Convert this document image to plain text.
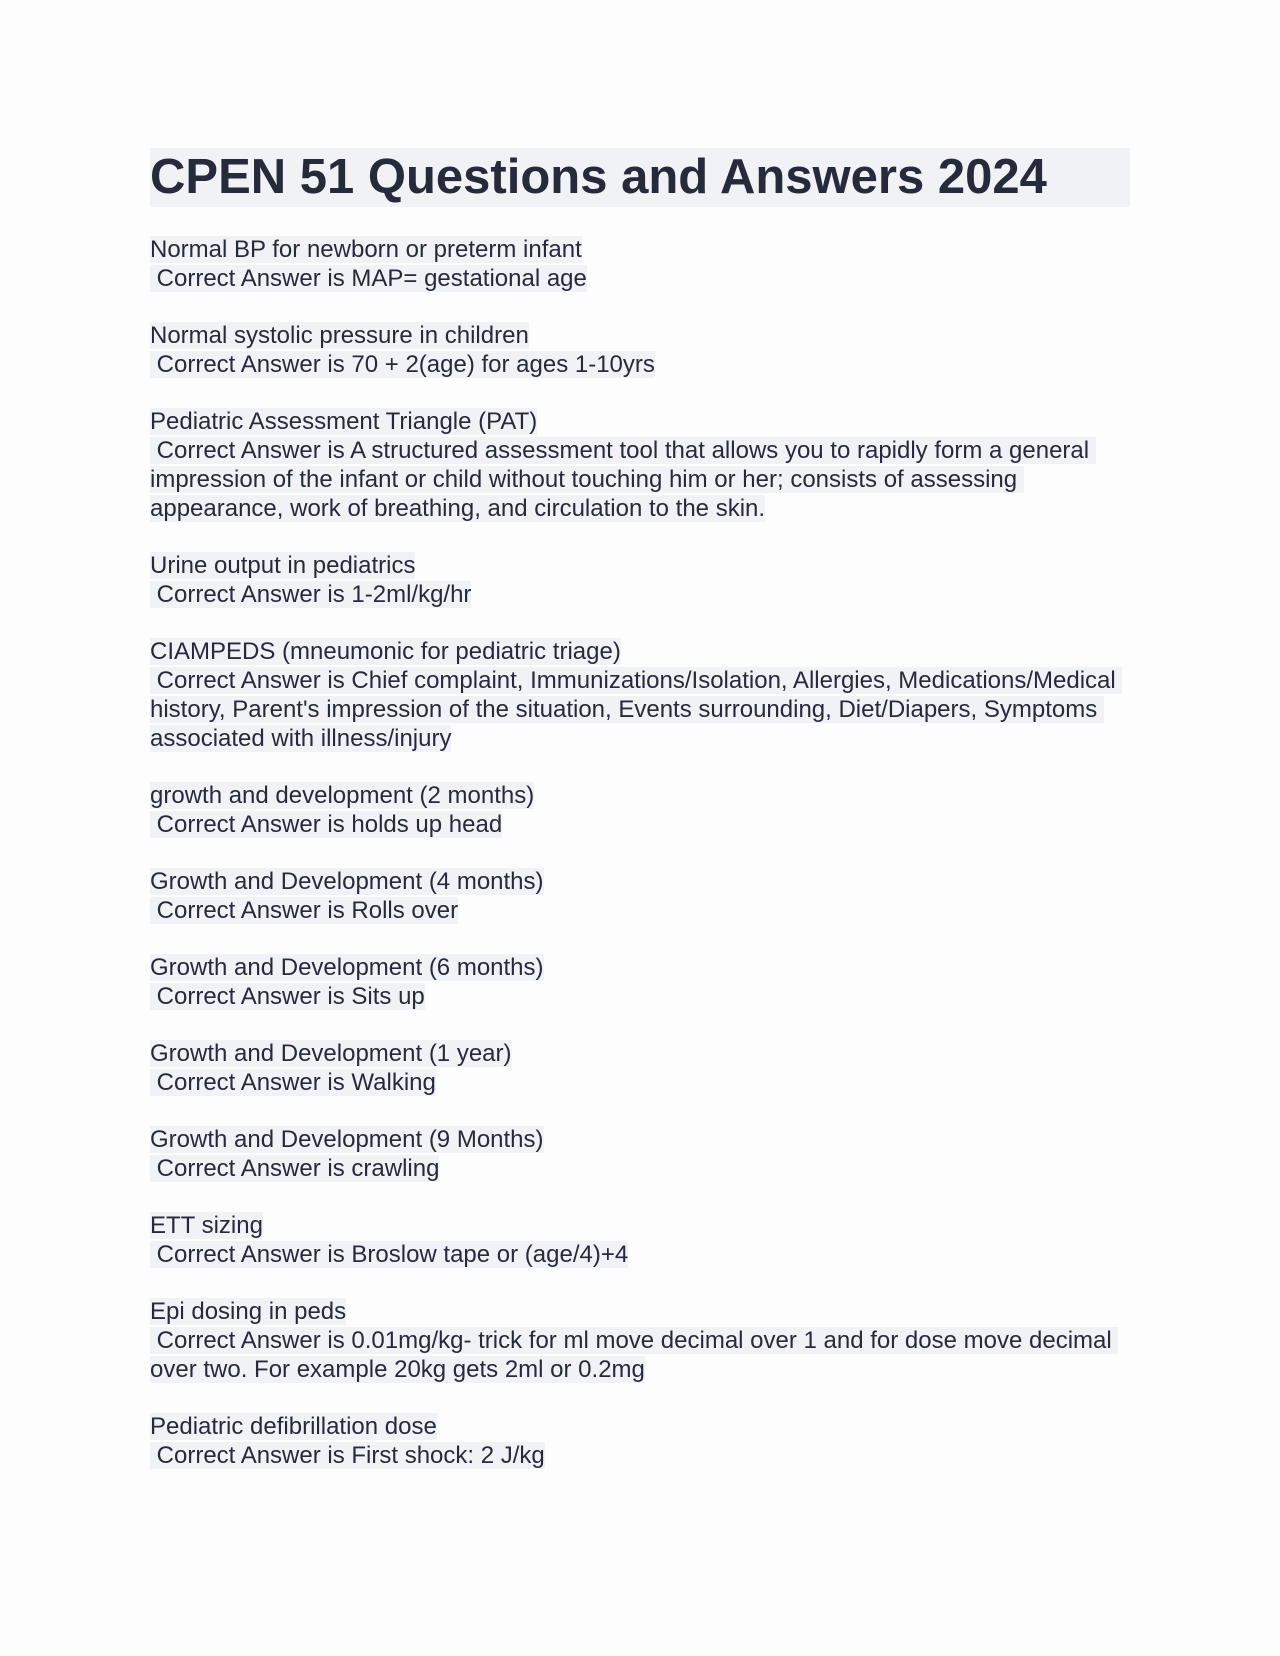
CPEN 51 Questions and Answers 2024
Normal BP for newborn or preterm infant
Correct Answer is MAP= gestational age
Normal systolic pressure in children
Correct Answer is 70 + 2(age) for ages 1-10yrs
Pediatric Assessment Triangle (PAT)
Correct Answer is A structured assessment tool that allows you to rapidly form a general impression of the infant or child without touching him or her; consists of assessing appearance, work of breathing, and circulation to the skin.
Urine output in pediatrics
Correct Answer is 1-2ml/kg/hr
CIAMPEDS (mneumonic for pediatric triage)
Correct Answer is Chief complaint, Immunizations/Isolation, Allergies, Medications/Medical history, Parent's impression of the situation, Events surrounding, Diet/Diapers, Symptoms associated with illness/injury
growth and development (2 months)
Correct Answer is holds up head
Growth and Development (4 months)
Correct Answer is Rolls over
Growth and Development (6 months)
Correct Answer is Sits up
Growth and Development (1 year)
Correct Answer is Walking
Growth and Development (9 Months)
Correct Answer is crawling
ETT sizing
Correct Answer is Broslow tape or (age/4)+4
Epi dosing in peds
Correct Answer is 0.01mg/kg- trick for ml move decimal over 1 and for dose move decimal over two. For example 20kg gets 2ml or 0.2mg
Pediatric defibrillation dose
Correct Answer is First shock: 2 J/kg
